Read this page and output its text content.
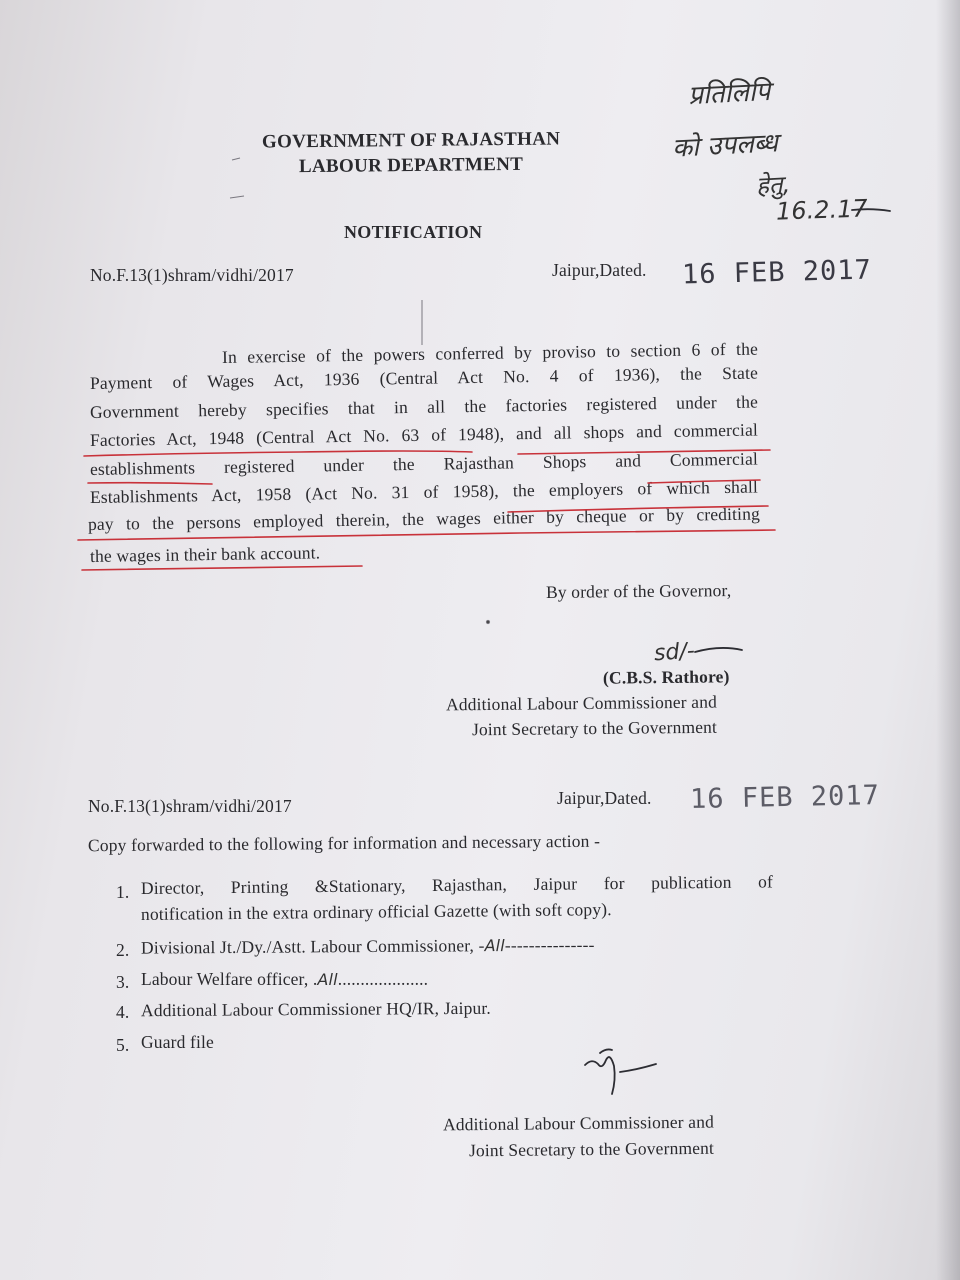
प्रतिलिपि
को उपलब्ध
हेतु,
16.2.17
GOVERNMENT OF RAJASTHAN
LABOUR DEPARTMENT
NOTIFICATION
No.F.13(1)shram/vidhi/2017	Jaipur,Dated. 16 FEB 2017
In exercise of the powers conferred by proviso to section 6 of the
Payment of Wages Act, 1936 (Central Act No. 4 of 1936), the State
Government hereby specifies that in all the factories registered under the
Factories Act, 1948 (Central Act No. 63 of 1948), and all shops and commercial
establishments registered under the Rajasthan Shops and Commercial
Establishments Act, 1958 (Act No. 31 of 1958), the employers of which shall
pay to the persons employed therein, the wages either by cheque or by crediting
the wages in their bank account.
By order of the Governor,
sd/-
(C.B.S. Rathore)
Additional Labour Commissioner and
Joint Secretary to the Government
No.F.13(1)shram/vidhi/2017	Jaipur,Dated. 16 FEB 2017
Copy forwarded to the following for information and necessary action -
1. Director, Printing &Stationary, Rajasthan, Jaipur for publication of
notification in the extra ordinary official Gazette (with soft copy).
2. Divisional Jt./Dy./Astt. Labour Commissioner, -All---------------
3. Labour Welfare officer, .All....................
4. Additional Labour Commissioner HQ/IR, Jaipur.
5. Guard file
Additional Labour Commissioner and
Joint Secretary to the Government
